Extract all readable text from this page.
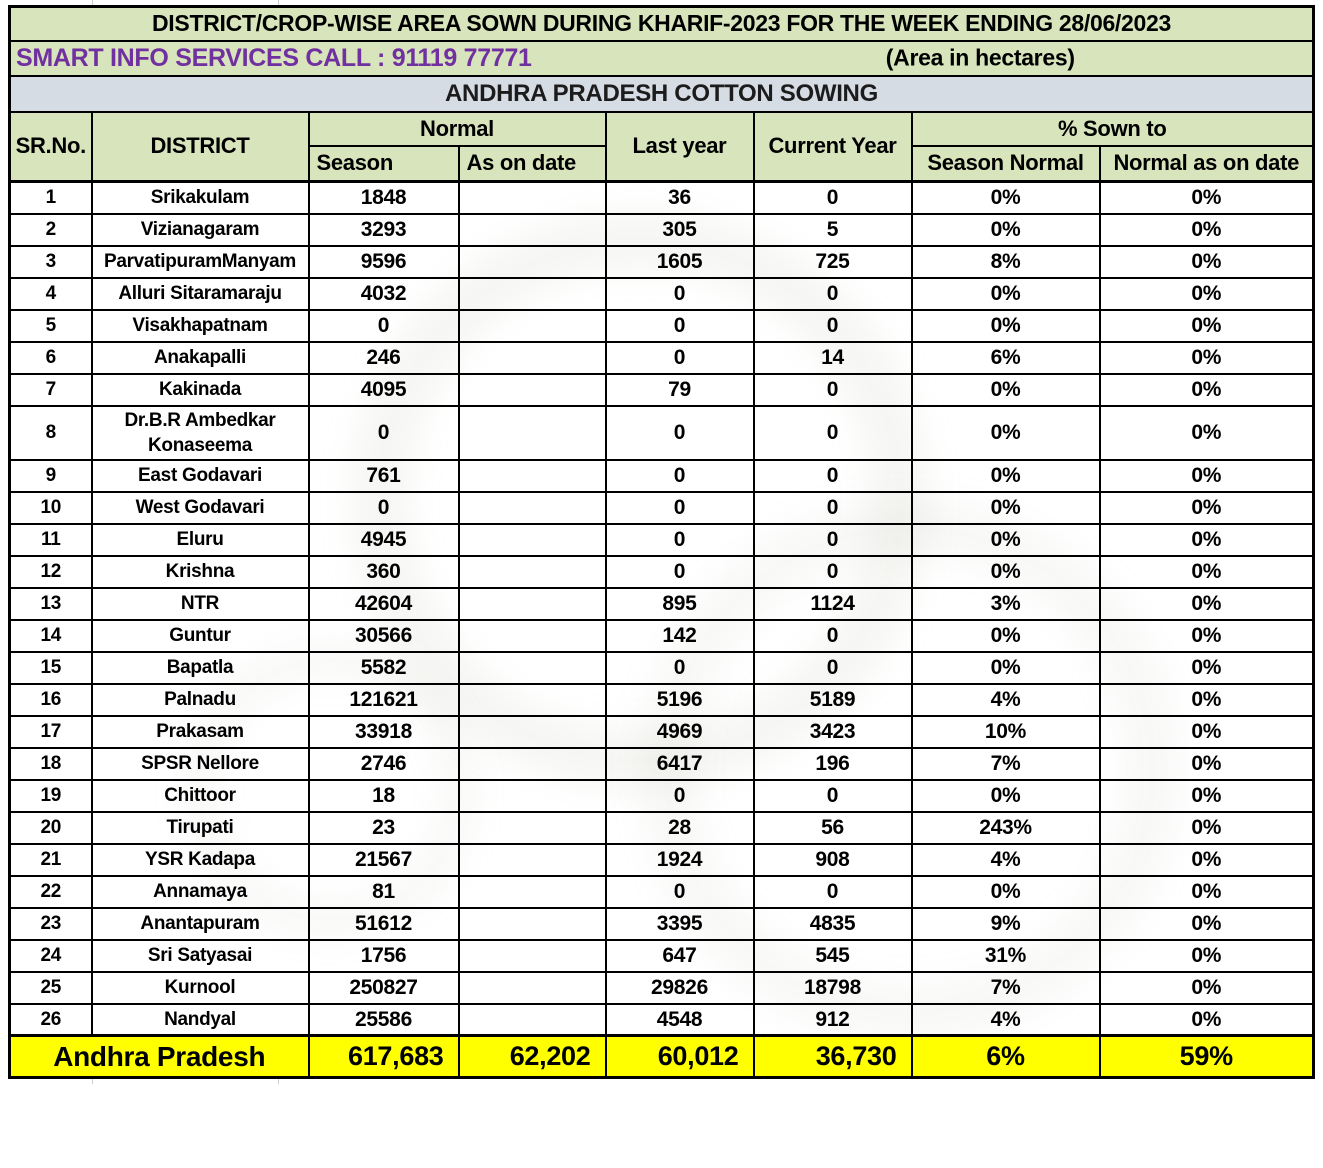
DISTRICT/CROP-WISE AREA SOWN DURING KHARIF-2023 FOR THE WEEK ENDING 28/06/2023							
SMART INFO SERVICES CALL : 91119 77771 (Area in hectares)							

ANDHRA PRADESH COTTON SOWING							
SR.No.	DISTRICT	Normal		Last year	Current Year	% Sown to	
		Season	As on date			Season Normal	Normal as on date
1	Srikakulam	1848		36	0	0%	0%
2	Vizianagaram	3293		305	5	0%	0%
3	ParvatipuramManyam	9596		1605	725	8%	0%
4	Alluri Sitaramaraju	4032		0	0	0%	0%
5	Visakhapatnam	0		0	0	0%	0%
6	Anakapalli	246		0	14	6%	0%
7	Kakinada	4095		79	0	0%	0%
8	Dr.B.R Ambedkar Konaseema	0		0	0	0%	0%
9	East Godavari	761		0	0	0%	0%
10	West Godavari	0		0	0	0%	0%
11	Eluru	4945		0	0	0%	0%
12	Krishna	360		0	0	0%	0%
13	NTR	42604		895	1124	3%	0%
14	Guntur	30566		142	0	0%	0%
15	Bapatla	5582		0	0	0%	0%
16	Palnadu	121621		5196	5189	4%	0%
17	Prakasam	33918		4969	3423	10%	0%
18	SPSR Nellore	2746		6417	196	7%	0%
19	Chittoor	18		0	0	0%	0%
20	Tirupati	23		28	56	243%	0%
21	YSR Kadapa	21567		1924	908	4%	0%
22	Annamaya	81		0	0	0%	0%
23	Anantapuram	51612		3395	4835	9%	0%
24	Sri Satyasai	1756		647	545	31%	0%
25	Kurnool	250827		29826	18798	7%	0%
26	Nandyal	25586		4548	912	4%	0%
Andhra Pradesh		617,683	62,202	60,012	36,730	6%	59%
